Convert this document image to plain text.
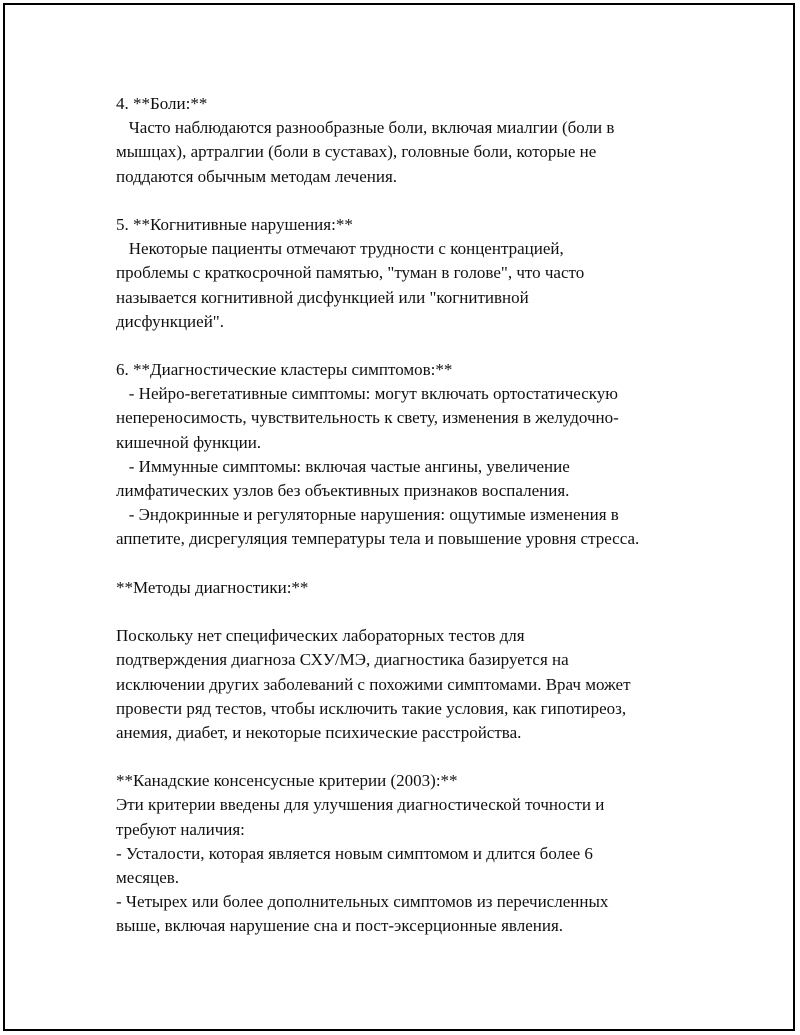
4. **Боли:**
Часто наблюдаются разнообразные боли, включая миалгии (боли в
мышцах), артралгии (боли в суставах), головные боли, которые не
поддаются обычным методам лечения.
5. **Когнитивные нарушения:**
Некоторые пациенты отмечают трудности с концентрацией,
проблемы с краткосрочной памятью, "туман в голове", что часто
называется когнитивной дисфункцией или "когнитивной
дисфункцией".
6. **Диагностические кластеры симптомов:**
- Нейро-вегетативные симптомы: могут включать ортостатическую
непереносимость, чувствительность к свету, изменения в желудочно-
кишечной функции.
- Иммунные симптомы: включая частые ангины, увеличение
лимфатических узлов без объективных признаков воспаления.
- Эндокринные и регуляторные нарушения: ощутимые изменения в
аппетите, дисрегуляция температуры тела и повышение уровня стресса.
**Методы диагностики:**
Поскольку нет специфических лабораторных тестов для
подтверждения диагноза СХУ/МЭ, диагностика базируется на
исключении других заболеваний с похожими симптомами. Врач может
провести ряд тестов, чтобы исключить такие условия, как гипотиреоз,
анемия, диабет, и некоторые психические расстройства.
**Канадские консенсусные критерии (2003):**
Эти критерии введены для улучшения диагностической точности и
требуют наличия:
- Усталости, которая является новым симптомом и длится более 6
месяцев.
- Четырех или более дополнительных симптомов из перечисленных
выше, включая нарушение сна и пост-эксерционные явления.
